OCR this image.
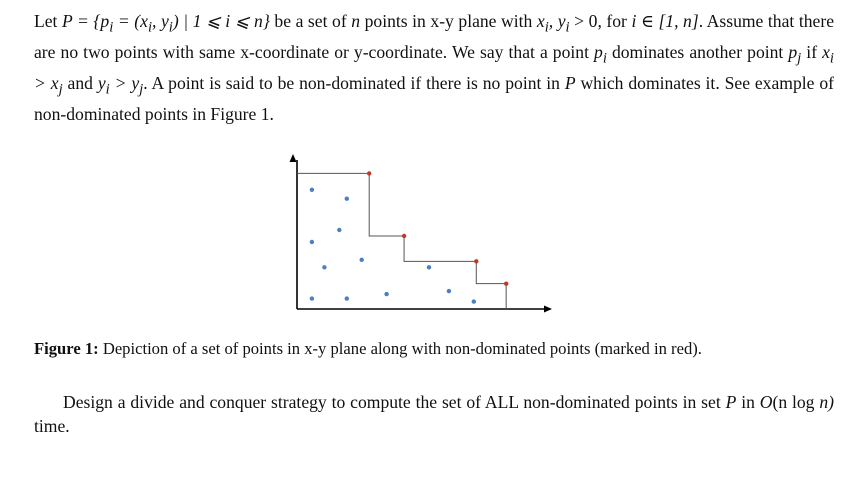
Let $P = \{p_i = (x_i$, $y_i$) | 1 ⩽ i ⩽ n} be a set of n points in x-y plane with $x_i$, $y_i > 0$, for i ∈ [1, n]. Assume that there are no two points with same x-coordinate or y-coordinate. We say that a point $p_i$ dominates another point $p_j$ if $x_i > x_j$ and $y_i > y_j$. A point is said to be non-dominated if there is no point in P which dominates it. See example of non-dominated points in Figure 1.
Figure 1: Depiction of a set of points in x-y plane along with non-dominated points (marked in red).
Design a divide and conquer strategy to compute the set of ALL non-dominated points in set P in O(n log n) time.
